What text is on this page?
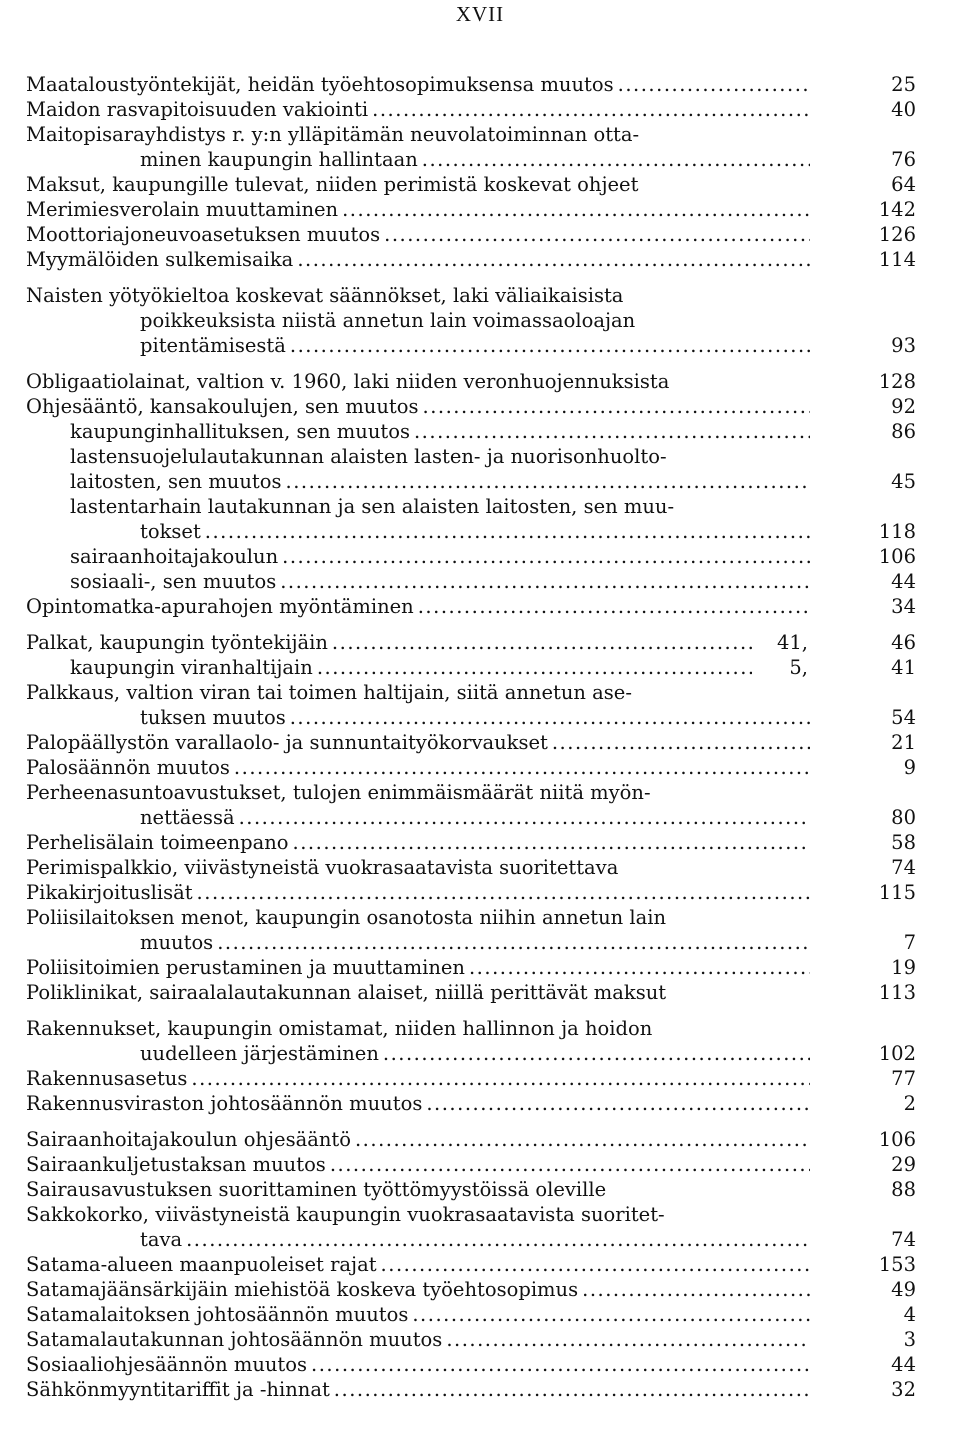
XVII
Maataloustyöntekijät, heidän työehtosopimuksensa muutos .....	25
Maidon rasvapitoisuuden vakiointi .....	40
Maitopisarayhdistys r. y:n ylläpitämän neuvolatoiminnan otta-
minen kaupungin hallintaan .....	76
Maksut, kaupungille tulevat, niiden perimistä koskevat ohjeet	64
Merimiesverolain muuttaminen .....	142
Moottoriajoneuvoasetuksen muutos .....	126
Myymälöiden sulkemisaika .....	114
Naisten yötyökieltoa koskevat säännökset, laki väliaikaisista
poikkeuksista niistä annetun lain voimassaoloajan
pitentämisestä .....	93
Obligaatiolainat, valtion v. 1960, laki niiden veronhuojennuksista	128
Ohjesääntö, kansakoulujen, sen muutos .....	92
kaupunginhallituksen, sen muutos .....	86
lastensuojelulautakunnan alaisten lasten- ja nuorisonhuolto-
laitosten, sen muutos .....	45
lastentarhain lautakunnan ja sen alaisten laitosten, sen muu-
tokset .....	118
sairaanhoitajakoulun .....	106
sosiaali-, sen muutos .....	44
Opintomatka-apurahojen myöntäminen .....	34
Palkat, kaupungin työntekijäin .....	41,	46
kaupungin viranhaltijain .....	5,	41
Palkkaus, valtion viran tai toimen haltijain, siitä annetun ase-
tuksen muutos .....	54
Palopäällystön varallaolo- ja sunnuntaityökorvaukset .....	21
Palosäännön muutos .....	9
Perheenasuntoavustukset, tulojen enimmäismäärät niitä myön-
nettäessä .....	80
Perhelisälain toimeenpano .....	58
Perimispalkkio, viivästyneistä vuokrasaatavista suoritettava	74
Pikakirjoituslisät .....	115
Poliisilaitoksen menot, kaupungin osanotosta niihin annetun lain
muutos .....	7
Poliisitoimien perustaminen ja muuttaminen .....	19
Poliklinikat, sairaalalautakunnan alaiset, niillä perittävät maksut	113
Rakennukset, kaupungin omistamat, niiden hallinnon ja hoidon
uudelleen järjestäminen .....	102
Rakennusasetus .....	77
Rakennusviraston johtosäännön muutos .....	2
Sairaanhoitajakoulun ohjesääntö .....	106
Sairaankuljetustaksan muutos .....	29
Sairausavustuksen suorittaminen työttömyystöissä oleville	88
Sakkokorko, viivästyneistä kaupungin vuokrasaatavista suoritet-
tava .....	74
Satama-alueen maanpuoleiset rajat .....	153
Satamajäänsärkijäin miehistöä koskeva työehtosopimus .....	49
Satamalaitoksen johtosäännön muutos .....	4
Satamalautakunnan johtosäännön muutos .....	3
Sosiaaliohjesäännön muutos .....	44
Sähkönmyyntitariffit ja -hinnat .....	32
